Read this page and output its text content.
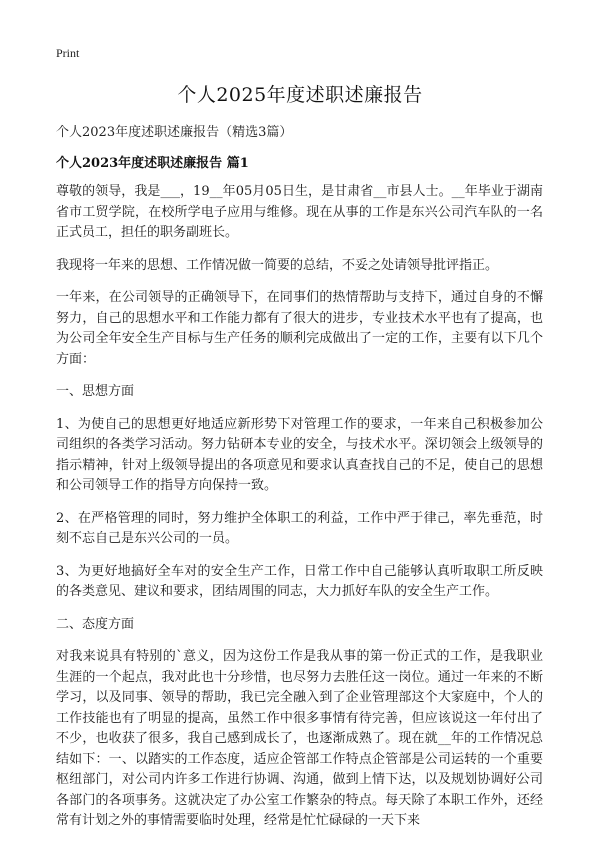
Print
个人2025年度述职述廉报告
个人2023年度述职述廉报告（精选3篇）
个人2023年度述职述廉报告 篇1

尊敬的领导，我是___，19__年05月05日生，是甘肃省__市县人士。__年毕业于湖南省市工贸学院，在校所学电子应用与维修。现在从事的工作是东兴公司汽车队的一名正式员工，担任的职务副班长。

我现将一年来的思想、工作情况做一简要的总结，不妥之处请领导批评指正。

一年来，在公司领导的正确领导下，在同事们的热情帮助与支持下，通过自身的不懈努力，自己的思想水平和工作能力都有了很大的进步，专业技术水平也有了提高，也为公司全年安全生产目标与生产任务的顺利完成做出了一定的工作，主要有以下几个方面：

一、思想方面

1、为使自己的思想更好地适应新形势下对管理工作的要求，一年来自己积极参加公司组织的各类学习活动。努力钻研本专业的安全，与技术水平。深切领会上级领导的指示精神，针对上级领导提出的各项意见和要求认真查找自己的不足，使自己的思想和公司领导工作的指导方向保持一致。

2、在严格管理的同时，努力维护全体职工的利益，工作中严于律己，率先垂范，时刻不忘自己是东兴公司的一员。

3、为更好地搞好全车对的安全生产工作，日常工作中自己能够认真听取职工所反映的各类意见、建议和要求，团结周围的同志，大力抓好车队的安全生产工作。

二、态度方面

对我来说具有特别的`意义，因为这份工作是我从事的第一份正式的工作，是我职业生涯的一个起点，我对此也十分珍惜，也尽努力去胜任这一岗位。通过一年来的不断学习，以及同事、领导的帮助，我已完全融入到了企业管理部这个大家庭中，个人的工作技能也有了明显的提高，虽然工作中很多事情有待完善，但应该说这一年付出了不少，也收获了很多，我自己感到成长了，也逐渐成熟了。现在就__年的工作情况总结如下：一、以踏实的工作态度，适应企管部工作特点企管部是公司运转的一个重要枢纽部门，对公司内许多工作进行协调、沟通，做到上情下达，以及规划协调好公司各部门的各项事务。这就决定了办公室工作繁杂的特点。每天除了本职工作外，还经常有计划之外的事情需要临时处理，经常是忙忙碌碌的一天下来
